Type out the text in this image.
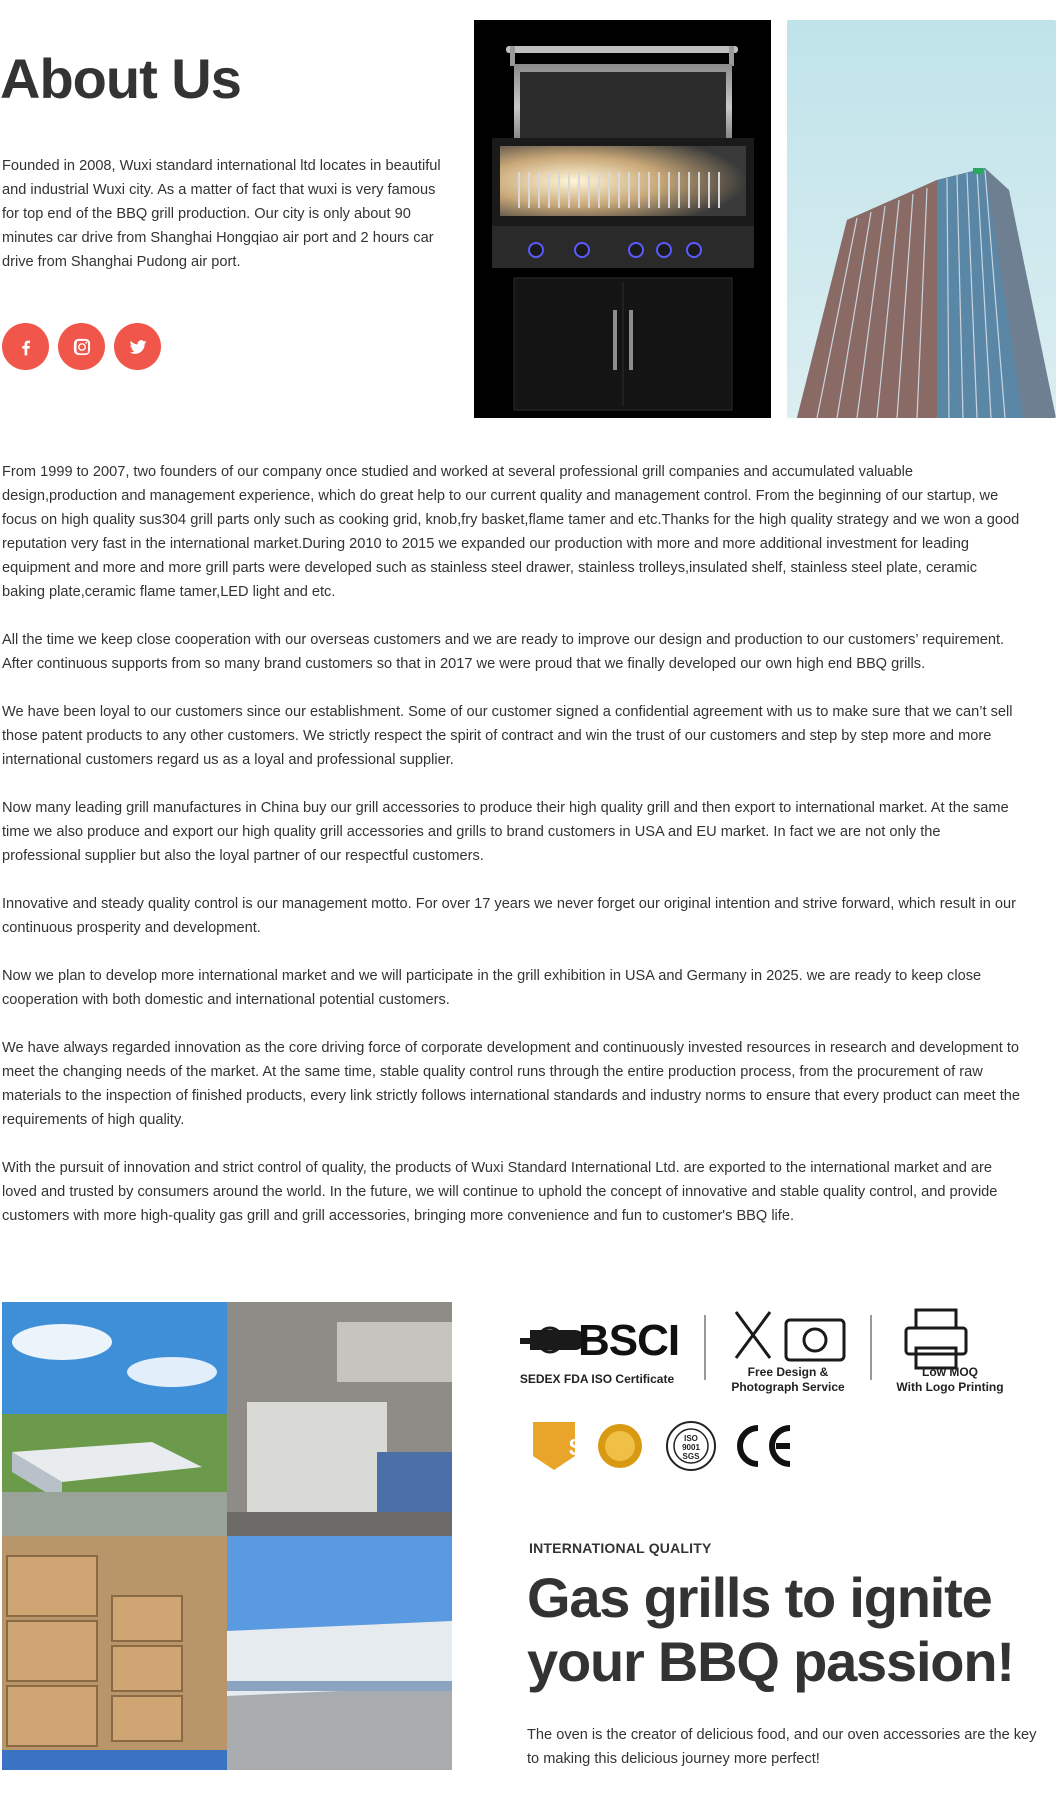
About Us

Founded in 2008, Wuxi standard international ltd locates in beautiful and industrial Wuxi city. As a matter of fact that wuxi is very famous for top end of the BBQ grill production. Our city is only about 90 minutes car drive from Shanghai Hongqiao air port and 2 hours car drive from Shanghai Pudong air port.

From 1999 to 2007, two founders of our company once studied and worked at several professional grill companies and accumulated valuable design,production and management experience, which do great help to our current quality and management control. From the beginning of our startup, we focus on high quality sus304 grill parts only such as cooking grid, knob,fry basket,flame tamer and etc.Thanks for the high quality strategy and we won a good reputation very fast in the international market.During 2010 to 2015 we expanded our production with more and more additional investment for leading equipment and more and more grill parts were developed such as stainless steel drawer, stainless trolleys,insulated shelf, stainless steel plate, ceramic baking plate,ceramic flame tamer,LED light and etc.

All the time we keep close cooperation with our overseas customers and we are ready to improve our design and production to our customers’ requirement. After continuous supports from so many brand customers so that in 2017 we were proud that we finally developed our own high end BBQ grills.

We have been loyal to our customers since our establishment. Some of our customer signed a confidential agreement with us to make sure that we can’t sell those patent products to any other customers. We strictly respect the spirit of contract and win the trust of our customers and step by step more and more international customers regard us as a loyal and professional supplier.

Now many leading grill manufactures in China buy our grill accessories to produce their high quality grill and then export to international market. At the same time we also produce and export our high quality grill accessories and grills to brand customers in USA and EU market. In fact we are not only the professional supplier but also the loyal partner of our respectful customers.

Innovative and steady quality control is our management motto. For over 17 years we never forget our original intention and strive forward, which result in our continuous prosperity and development.

Now we plan to develop more international market and we will participate in the grill exhibition in USA and Germany in 2025. we are ready to keep close cooperation with both domestic and international potential customers.

We have always regarded innovation as the core driving force of corporate development and continuously invested resources in research and development to meet the changing needs of the market. At the same time, stable quality control runs through the entire production process, from the procurement of raw materials to the inspection of finished products, every link strictly follows international standards and industry norms to ensure that every product can meet the requirements of high quality.

With the pursuit of innovation and strict control of quality, the products of Wuxi Standard International Ltd. are exported to the international market and are loved and trusted by consumers around the world. In the future, we will continue to uphold the concept of innovative and stable quality control, and provide customers with more high-quality gas grill and grill accessories, bringing more convenience and fun to customer's BBQ life.

BSCI
SEDEX FDA ISO Certificate	Free Design &
Photograph Service
Low MOQ
With Logo Printing
ISO
9001
SGS
$
INTERNATIONAL QUALITY
Gas grills to ignite
your BBQ passion!

The oven is the creator of delicious food, and our oven accessories are the key to making this delicious journey more perfect!
